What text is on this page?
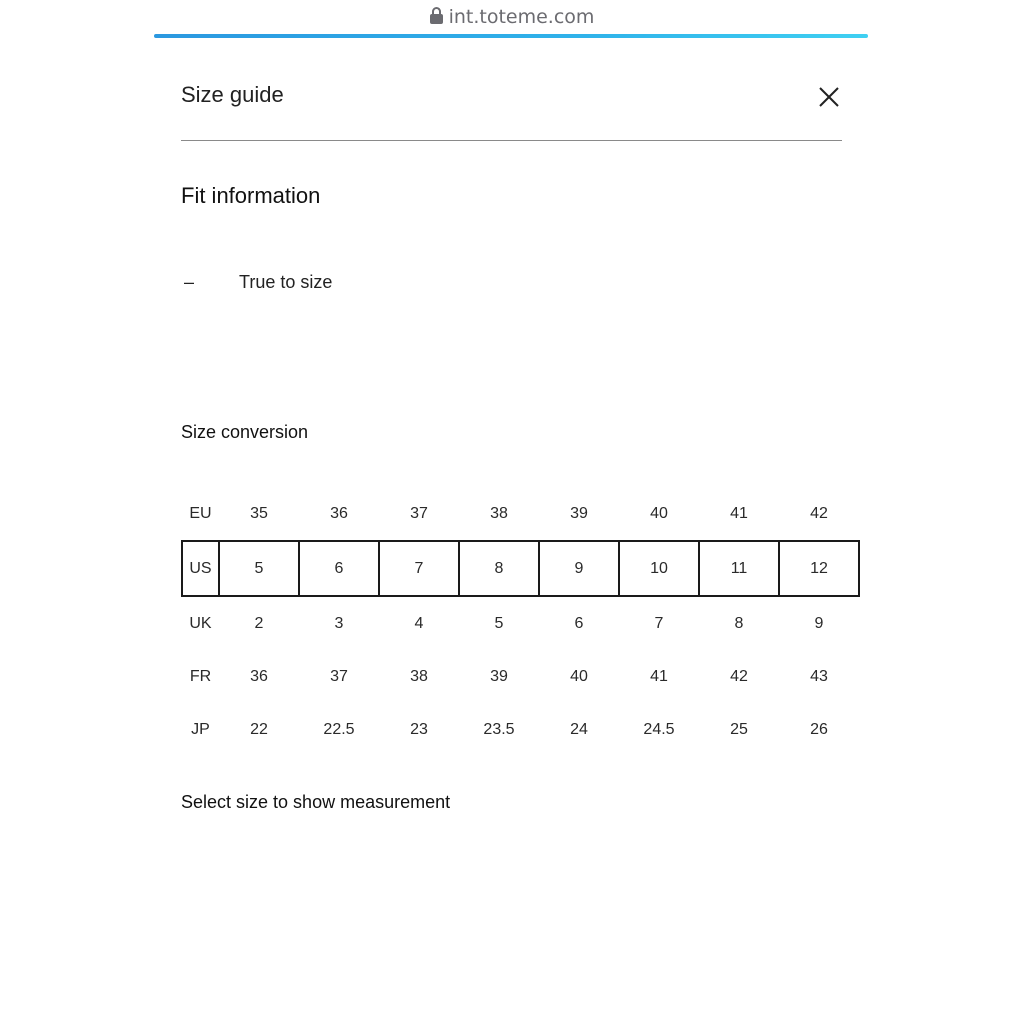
int.toteme.com
Size guide
Fit information
– True to size
Size conversion
EU	35	36	37	38	39	40	41	42
US	5	6	7	8	9	10	11	12
UK	2	3	4	5	6	7	8	9
FR	36	37	38	39	40	41	42	43
JP	22	22.5	23	23.5	24	24.5	25	26
Select size to show measurement
